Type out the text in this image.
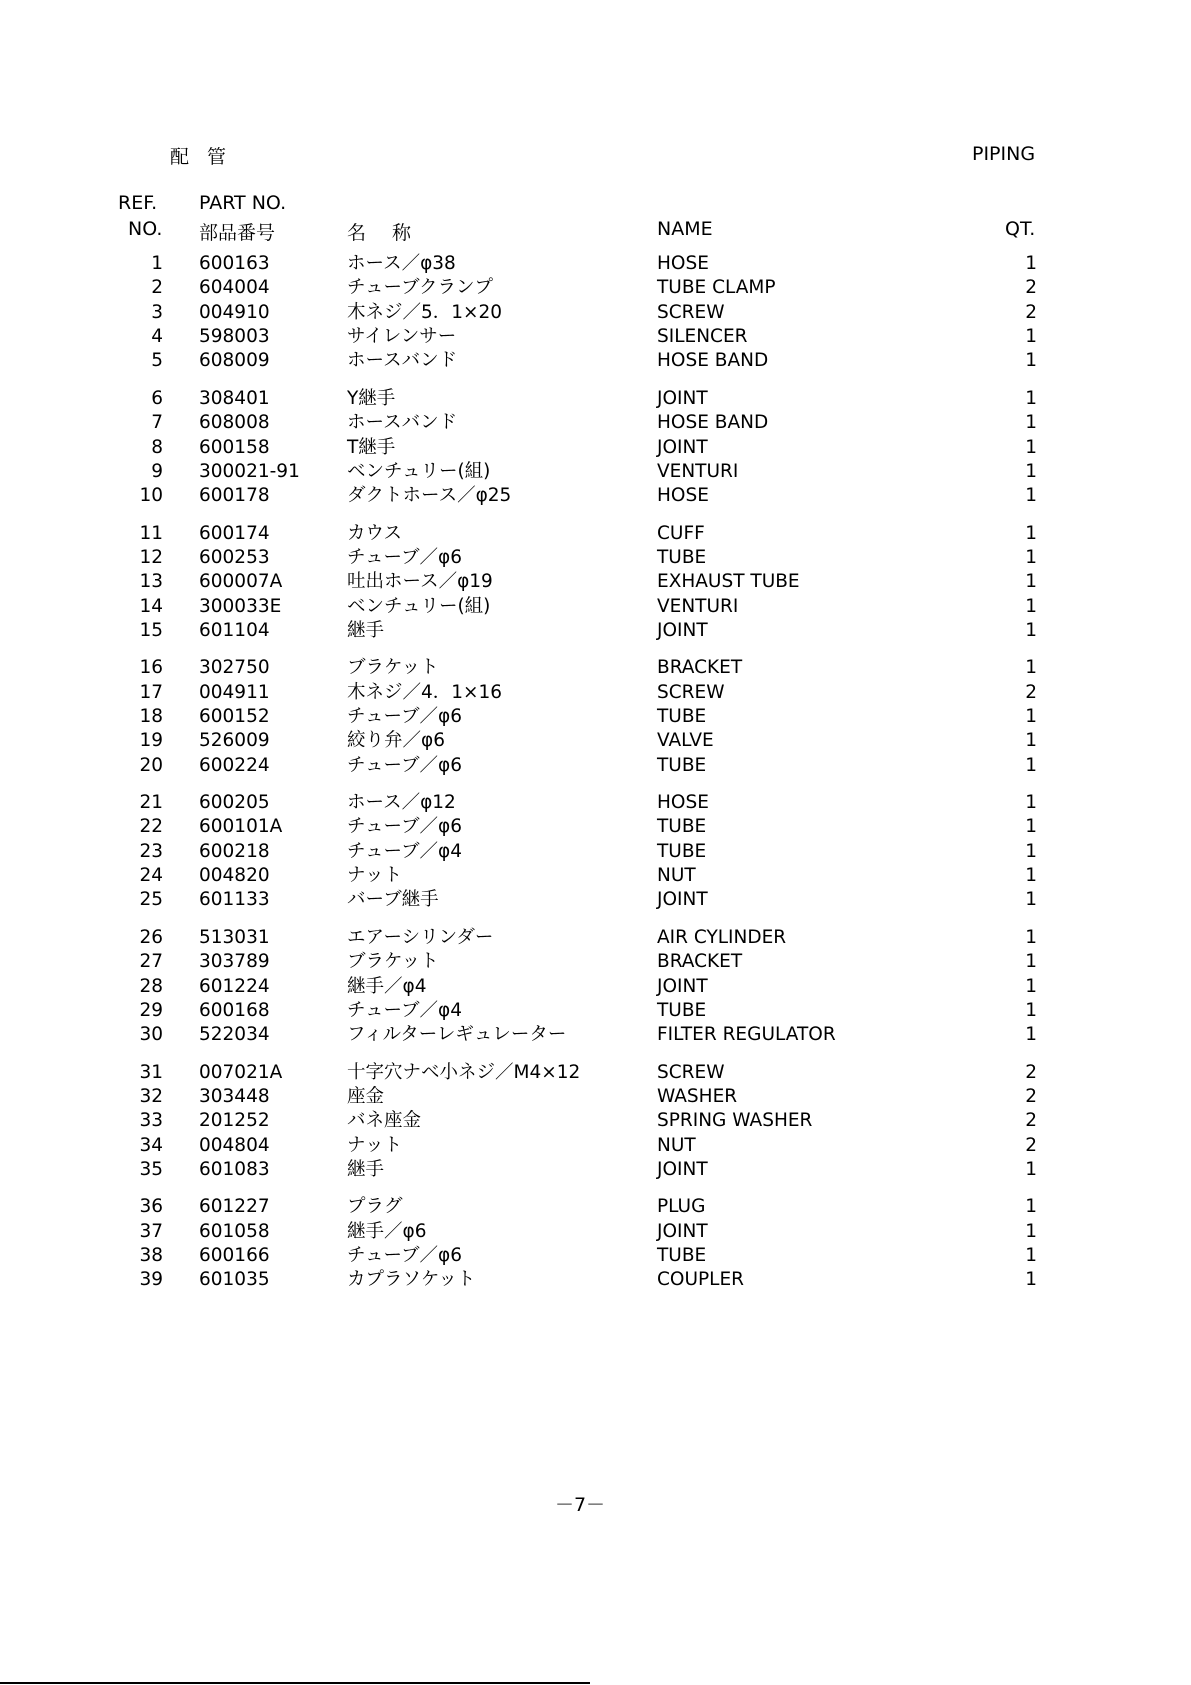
配 管	PIPING
REF.
NO.
PART NO.
部品番号	名 称	NAME	QT.
1 600163	ホース／φ38	HOSE	1
2 604004	チューブクランプ	TUBE CLAMP	2
3 004910	木ネジ／5．1×20	SCREW	2
4 598003	サイレンサー	SILENCER	1
5 608009	ホースバンド	HOSE BAND	1
6 308401	Y継手	JOINT	1
7 608008	ホースバンド	HOSE BAND	1
8 600158	T継手	JOINT	1
9 300021-91	ベンチュリー(組)	VENTURI	1
10 600178	ダクトホース／φ25	HOSE	1
11 600174	カウス	CUFF	1
12 600253	チューブ／φ6	TUBE	1
13 600007A	吐出ホース／φ19	EXHAUST TUBE	1
14 300033E	ベンチュリー(組)	VENTURI	1
15 601104	継手	JOINT	1
16 302750	ブラケット	BRACKET	1
17 004911	木ネジ／4．1×16	SCREW	2
18 600152	チューブ／φ6	TUBE	1
19 526009	絞り弁／φ6	VALVE	1
20 600224	チューブ／φ6	TUBE	1
21 600205	ホース／φ12	HOSE	1
22 600101A	チューブ／φ6	TUBE	1
23 600218	チューブ／φ4	TUBE	1
24 004820	ナット	NUT	1
25 601133	バーブ継手	JOINT	1
26 513031	エアーシリンダー	AIR CYLINDER	1
27 303789	ブラケット	BRACKET	1
28 601224	継手／φ4	JOINT	1
29 600168	チューブ／φ4	TUBE	1
30 522034	フィルターレギュレーター	FILTER REGULATOR	1
31 007021A	十字穴ナベ小ネジ／M4×12	SCREW	2
32 303448	座金	WASHER	2
33 201252	バネ座金	SPRING WASHER	2
34 004804	ナット	NUT	2
35 601083	継手	JOINT	1
36 601227	プラグ	PLUG	1
37 601058	継手／φ6	JOINT	1
38 600166	チューブ／φ6	TUBE	1
39 601035	カプラソケット	COUPLER	1
－7－
